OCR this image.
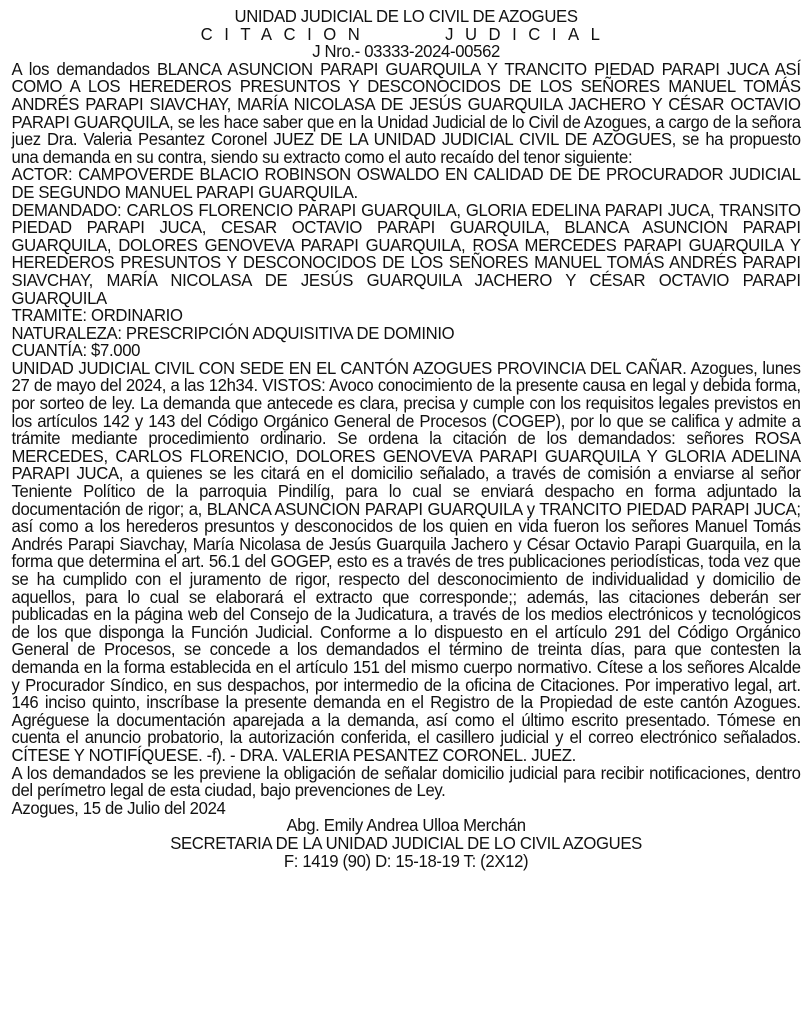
UNIDAD JUDICIAL DE LO CIVIL DE AZOGUES

CITACION JUDICIAL

J Nro.- 03333-2024-00562

A los demandados BLANCA ASUNCION PARAPI GUARQUILA Y TRANCITO PIEDAD PARAPI JUCA ASÍ COMO A LOS HEREDEROS PRESUNTOS Y DESCONOCIDOS DE LOS SEÑORES MANUEL TOMÁS ANDRÉS PARAPI SIAVCHAY, MARÍA NICOLASA DE JESÚS GUARQUILA JACHERO Y CÉSAR OCTAVIO PARAPI GUARQUILA, se les hace saber que en la Unidad Judicial de lo Civil de Azogues, a cargo de la señora juez Dra. Valeria Pesantez Coronel JUEZ DE LA UNIDAD JUDICIAL CIVIL DE AZOGUES, se ha propuesto una demanda en su contra, siendo su extracto como el auto recaído del tenor siguiente:

ACTOR: CAMPOVERDE BLACIO ROBINSON OSWALDO EN CALIDAD DE DE PROCURADOR JUDICIAL DE SEGUNDO MANUEL PARAPI GUARQUILA.

DEMANDADO: CARLOS FLORENCIO PARAPI GUARQUILA, GLORIA EDELINA PARAPI JUCA, TRANSITO PIEDAD PARAPI JUCA, CESAR OCTAVIO PARAPI GUARQUILA, BLANCA ASUNCION PARAPI GUARQUILA, DOLORES GENOVEVA PARAPI GUARQUILA, ROSA MERCEDES PARAPI GUARQUILA Y HEREDEROS PRESUNTOS Y DESCONOCIDOS DE LOS SEÑORES MANUEL TOMÁS ANDRÉS PARAPI SIAVCHAY, MARÍA NICOLASA DE JESÚS GUARQUILA JACHERO Y CÉSAR OCTAVIO PARAPI GUARQUILA

TRAMITE: ORDINARIO

NATURALEZA: PRESCRIPCIÓN ADQUISITIVA DE DOMINIO

CUANTÍA: $7.000

UNIDAD JUDICIAL CIVIL CON SEDE EN EL CANTÓN AZOGUES PROVINCIA DEL CAÑAR. Azogues, lunes 27 de mayo del 2024, a las 12h34. VISTOS: Avoco conocimiento de la presente causa en legal y debida forma, por sorteo de ley. La demanda que antecede es clara, precisa y cumple con los requisitos legales previstos en los artículos 142 y 143 del Código Orgánico General de Procesos (COGEP), por lo que se califica y admite a trámite mediante procedimiento ordinario. Se ordena la citación de los demandados: señores ROSA MERCEDES, CARLOS FLORENCIO, DOLORES GENOVEVA PARAPI GUARQUILA Y GLORIA ADELINA PARAPI JUCA, a quienes se les citará en el domicilio señalado, a través de comisión a enviarse al señor Teniente Político de la parroquia Pindilíg, para lo cual se enviará despacho en forma adjuntado la documentación de rigor; a, BLANCA ASUNCION PARAPI GUARQUILA y TRANCITO PIEDAD PARAPI JUCA; así como a los herederos presuntos y desconocidos de los quien en vida fueron los señores Manuel Tomás Andrés Parapi Siavchay, María Nicolasa de Jesús Guarquila Jachero y César Octavio Parapi Guarquila, en la forma que determina el art. 56.1 del GOGEP, esto es a través de tres publicaciones periodísticas, toda vez que se ha cumplido con el juramento de rigor, respecto del desconocimiento de individualidad y domicilio de aquellos, para lo cual se elaborará el extracto que corresponde;; además, las citaciones deberán ser publicadas en la página web del Consejo de la Judicatura, a través de los medios electrónicos y tecnológicos de los que disponga la Función Judicial. Conforme a lo dispuesto en el artículo 291 del Código Orgánico General de Procesos, se concede a los demandados el término de treinta días, para que contesten la demanda en la forma establecida en el artículo 151 del mismo cuerpo normativo. Cítese a los señores Alcalde y Procurador Síndico, en sus despachos, por intermedio de la oficina de Citaciones. Por imperativo legal, art. 146 inciso quinto, inscríbase la presente demanda en el Registro de la Propiedad de este cantón Azogues. Agréguese la documentación aparejada a la demanda, así como el último escrito presentado. Tómese en cuenta el anuncio probatorio, la autorización conferida, el casillero judicial y el correo electrónico señalados. CÍTESE Y NOTIFÍQUESE. -f). - DRA. VALERIA PESANTEZ CORONEL. JUEZ.

A los demandados se les previene la obligación de señalar domicilio judicial para recibir notificaciones, dentro del perímetro legal de esta ciudad, bajo prevenciones de Ley.

Azogues, 15 de Julio del 2024

Abg. Emily Andrea Ulloa Merchán

SECRETARIA DE LA UNIDAD JUDICIAL DE LO CIVIL AZOGUES

F: 1419 (90) D: 15-18-19 T: (2X12)
